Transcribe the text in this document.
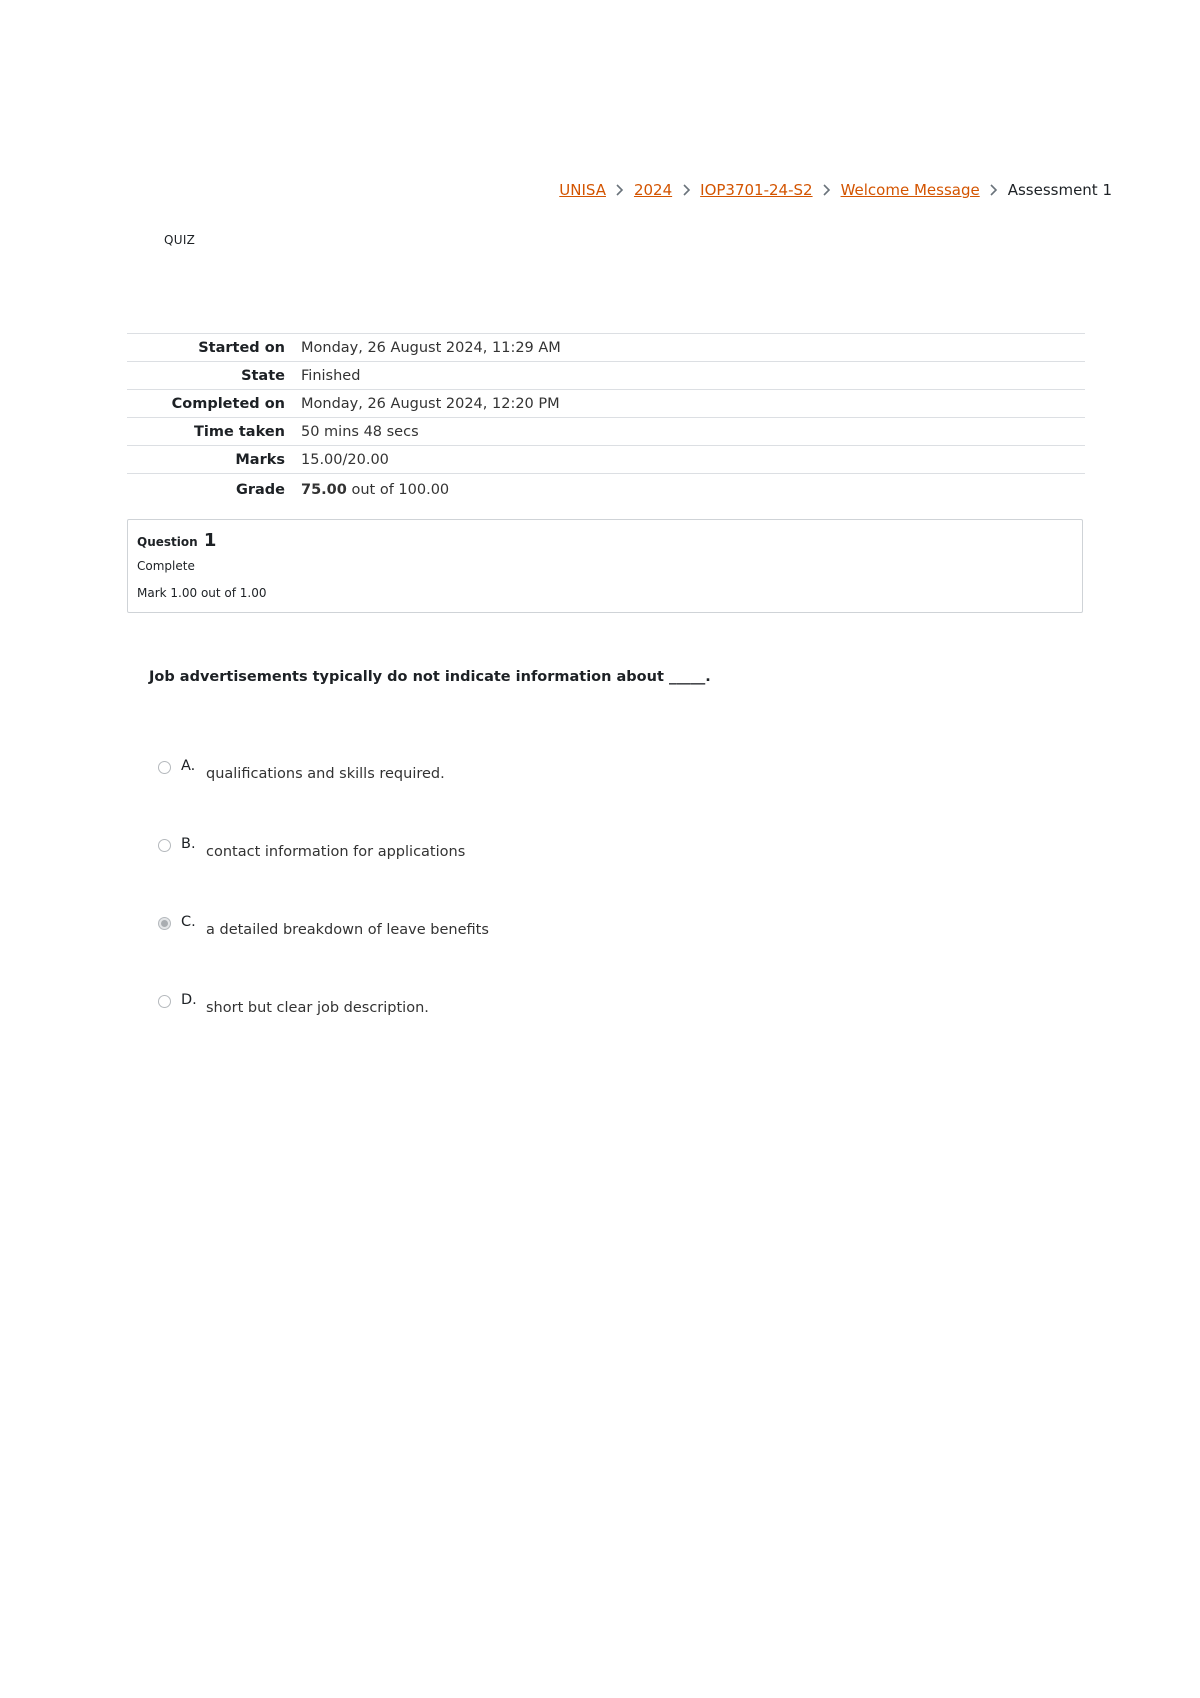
UNISA 2024 IOP3701-24-S2 Welcome Message Assessment 1
QUIZ
Started on	Monday, 26 August 2024, 11:29 AM
State	Finished
Completed on	Monday, 26 August 2024, 12:20 PM
Time taken	50 mins 48 secs
Marks	15.00/20.00
Grade	75.00 out of 100.00
Question 1
Complete
Mark 1.00 out of 1.00
Job advertisements typically do not indicate information about _____.
A. qualifications and skills required.
B. contact information for applications
C. a detailed breakdown of leave benefits
D. short but clear job description.
